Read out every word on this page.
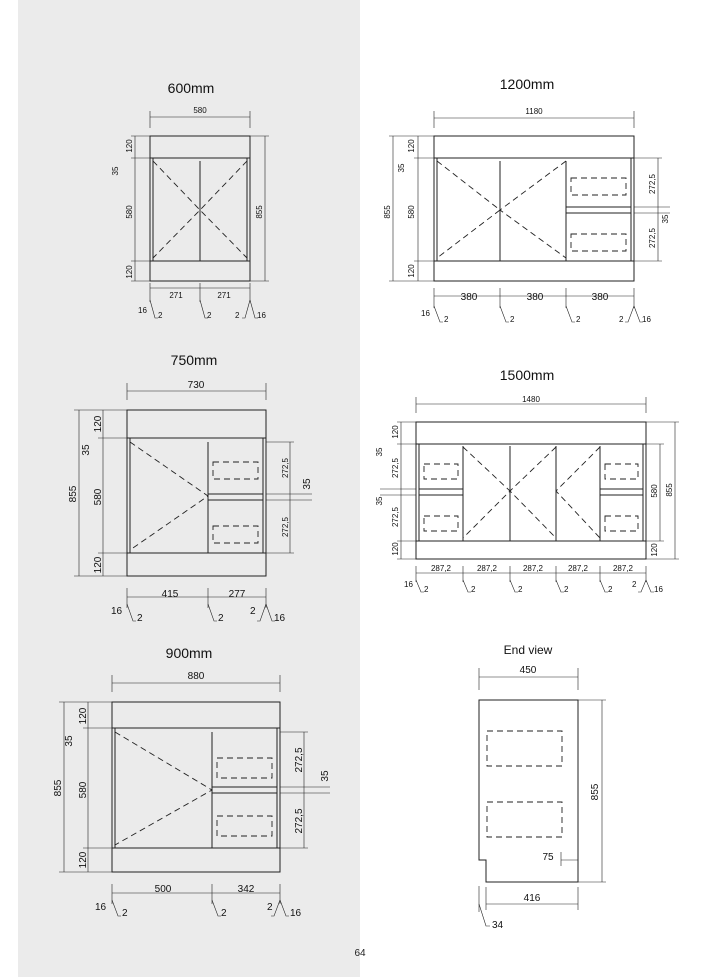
600mm
580
120
35
580
120
855
271	271
16
2	2	2 16
1200mm
1180
120
35
580
120
855
272,5
35
272,5
380	380	380
16
2	2	2	2 16
750mm
730
120
35
855 580
120
272,5
35
272,5
415	277
16
2	2
2
16
1500mm
1480
120
35
272,5
35
272,5
120
580 855
120
287,2	287,2	287,2	287,2	287,2
16
2	2	2	2	2
2
16
900mm
880
120
35
855 580
120
272,5
35
272,5
500	342
16
2	2
2
16
End view
450
855
75
416
34
64
